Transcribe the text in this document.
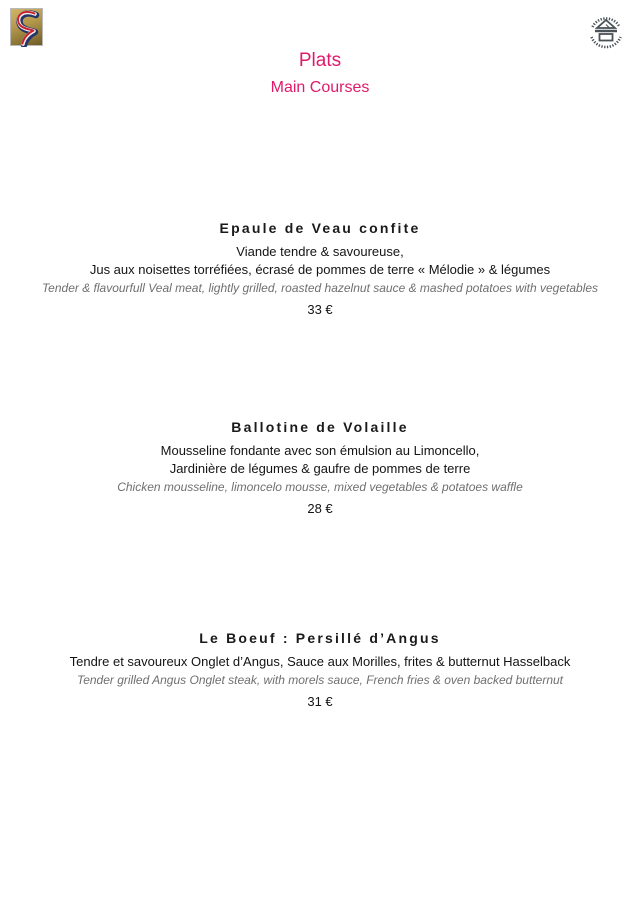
Plats
Main Courses
Epaule de Veau confite
Viande tendre & savoureuse,
Jus aux noisettes torréfiées, écrasé de pommes de terre « Mélodie » & légumes
Tender & flavourfull Veal meat, lightly grilled, roasted hazelnut sauce & mashed potatoes with vegetables
33 €
Ballotine de Volaille
Mousseline fondante avec son émulsion au Limoncello,
Jardinière de légumes & gaufre de pommes de terre
Chicken mousseline, limoncelo mousse, mixed vegetables & potatoes waffle
28 €
Le Boeuf : Persillé d’Angus
Tendre et savoureux Onglet d’Angus, Sauce aux Morilles, frites & butternut Hasselback
Tender grilled Angus Onglet steak, with morels sauce, French fries & oven backed butternut
31 €
